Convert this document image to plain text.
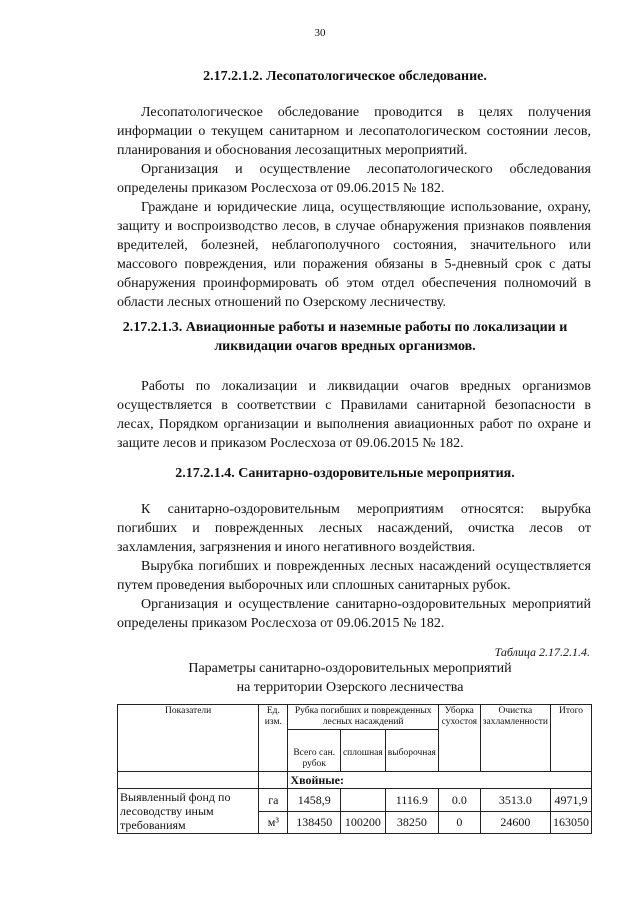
30
2.17.2.1.2. Лесопатологическое обследование.

Лесопатологическое обследование проводится в целях получения информации о текущем санитарном и лесопатологическом состоянии лесов, планирования и обоснования лесозащитных мероприятий.

Организация и осуществление лесопатологического обследования определены приказом Рослесхоза от 09.06.2015 № 182.

Граждане и юридические лица, осуществляющие использование, охрану, защиту и воспроизводство лесов, в случае обнаружения признаков появления вредителей, болезней, неблагополучного состояния, значительного или массового повреждения, или поражения обязаны в 5-дневный срок с даты обнаружения проинформировать об этом отдел обеспечения полномочий в области лесных отношений по Озерскому лесничеству.

2.17.2.1.3. Авиационные работы и наземные работы по локализации и
ликвидации очагов вредных организмов.

Работы по локализации и ликвидации очагов вредных организмов осуществляется в соответствии с Правилами санитарной безопасности в лесах, Порядком организации и выполнения авиационных работ по охране и защите лесов и приказом Рослесхоза от 09.06.2015 № 182.

2.17.2.1.4. Санитарно-оздоровительные мероприятия.

К санитарно-оздоровительным мероприятиям относятся: вырубка погибших и поврежденных лесных насаждений, очистка лесов от захламления, загрязнения и иного негативного воздействия.

Вырубка погибших и поврежденных лесных насаждений осуществляется путем проведения выборочных или сплошных санитарных рубок.

Организация и осуществление санитарно-оздоровительных мероприятий определены приказом Рослесхоза от 09.06.2015 № 182.

Таблица 2.17.2.1.4.
Параметры санитарно-оздоровительных мероприятий
на территории Озерского лесничества
Показатели	Ед. изм.	Рубка погибших и поврежденных лесных насаждений			Уборка сухостоя	Очистка захламленности	Итого
		Всего сан. рубок	сплошная	выборочная			
		Хвойные:					
Выявленный фонд по лесоводству иным требованиям	га	1458,9		1116.9	0.0	3513.0	4971,9
	м³	138450	100200	38250	0	24600	163050
